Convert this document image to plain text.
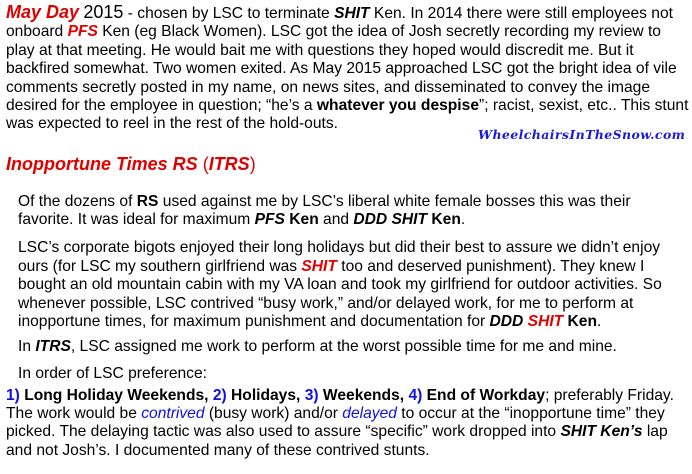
May Day 2015 - chosen by LSC to terminate SHIT Ken. In 2014 there were still employees not onboard PFS Ken (eg Black Women). LSC got the idea of Josh secretly recording my review to play at that meeting. He would bait me with questions they hoped would discredit me. But it backfired somewhat. Two women exited. As May 2015 approached LSC got the bright idea of vile comments secretly posted in my name, on news sites, and disseminated to convey the image desired for the employee in question; “he’s a whatever you despise”; racist, sexist, etc.. This stunt was expected to reel in the rest of the hold-outs.

WheelchairsInTheSnow.com
Inopportune Times RS (ITRS)

Of the dozens of RS used against me by LSC’s liberal white female bosses this was their favorite. It was ideal for maximum PFS Ken and DDD SHIT Ken.

LSC’s corporate bigots enjoyed their long holidays but did their best to assure we didn’t enjoy ours (for LSC my southern girlfriend was SHIT too and deserved punishment). They knew I bought an old mountain cabin with my VA loan and took my girlfriend for outdoor activities. So whenever possible, LSC contrived “busy work,” and/or delayed work, for me to perform at inopportune times, for maximum punishment and documentation for DDD SHIT Ken.

In ITRS, LSC assigned me work to perform at the worst possible time for me and mine.

In order of LSC preference:

1) Long Holiday Weekends, 2) Holidays, 3) Weekends, 4) End of Workday; preferably Friday. The work would be contrived (busy work) and/or delayed to occur at the “inopportune time” they picked. The delaying tactic was also used to assure “specific” work dropped into SHIT Ken’s lap and not Josh’s. I documented many of these contrived stunts.
